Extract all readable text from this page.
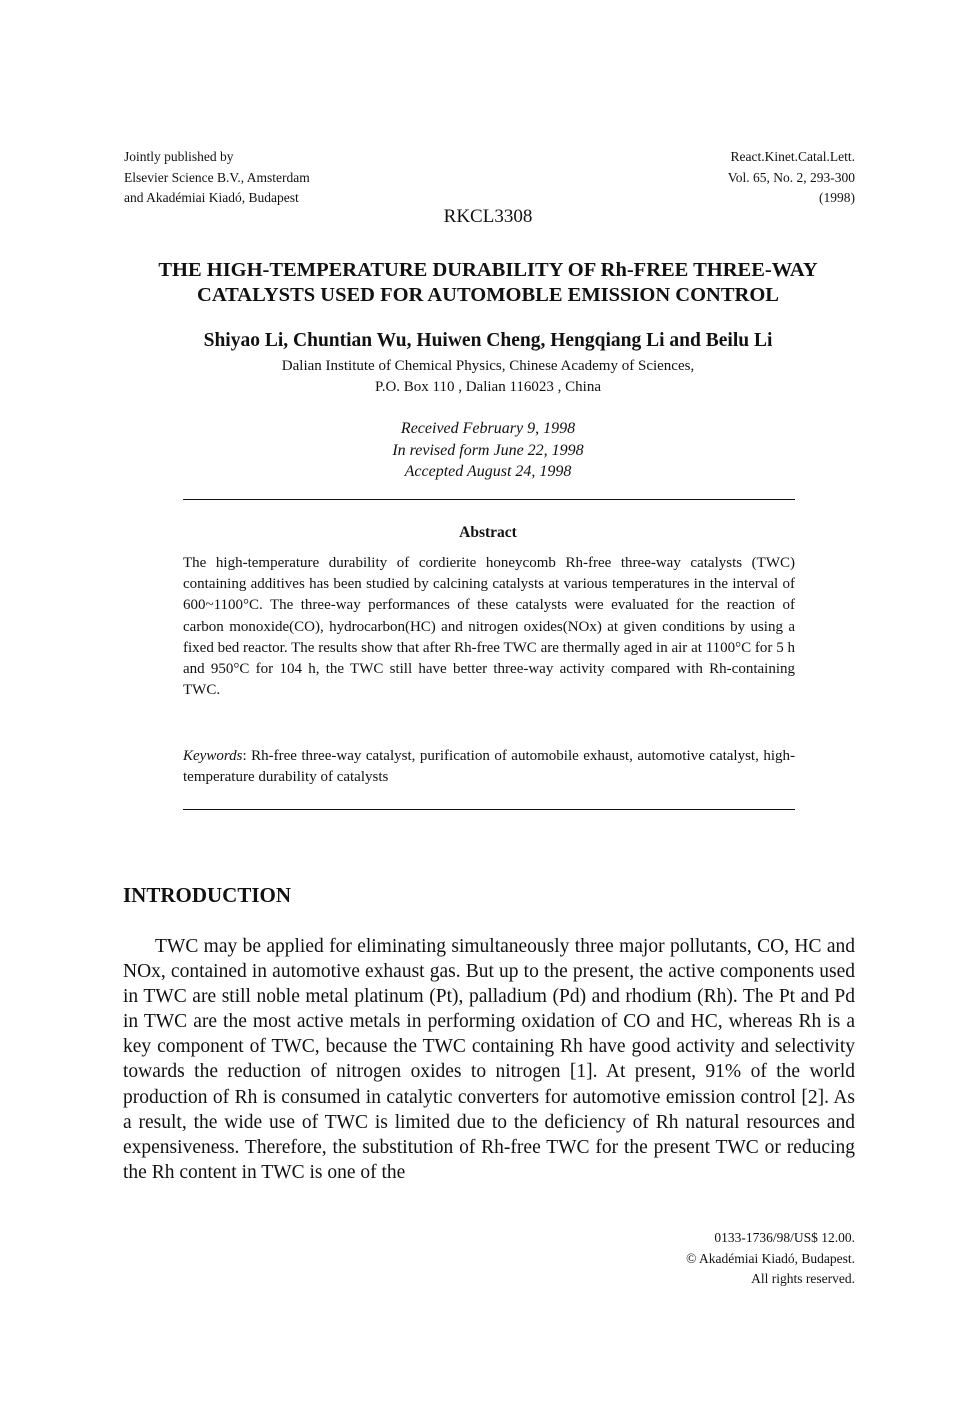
Jointly published by
Elsevier Science B.V., Amsterdam
and Akadémiai Kiadó, Budapest
React.Kinet.Catal.Lett.
Vol. 65, No. 2, 293-300
(1998)
RKCL3308
THE HIGH-TEMPERATURE DURABILITY OF Rh-FREE THREE-WAY CATALYSTS USED FOR AUTOMOBLE EMISSION CONTROL
Shiyao Li, Chuntian Wu, Huiwen Cheng, Hengqiang Li and Beilu Li
Dalian Institute of Chemical Physics, Chinese Academy of Sciences,
P.O. Box 110 , Dalian 116023 , China
Received February 9, 1998
In revised form June 22, 1998
Accepted August 24, 1998
Abstract
The high-temperature durability of cordierite honeycomb Rh-free three-way catalysts (TWC) containing additives has been studied by calcining catalysts at various temperatures in the interval of 600~1100°C. The three-way performances of these catalysts were evaluated for the reaction of carbon monoxide(CO), hydrocarbon(HC) and nitrogen oxides(NOx) at given conditions by using a fixed bed reactor. The results show that after Rh-free TWC are thermally aged in air at 1100°C for 5 h and 950°C for 104 h, the TWC still have better three-way activity compared with Rh-containing TWC.
Keywords: Rh-free three-way catalyst, purification of automobile exhaust, automotive catalyst, high-temperature durability of catalysts
INTRODUCTION
TWC may be applied for eliminating simultaneously three major pollutants, CO, HC and NOx, contained in automotive exhaust gas. But up to the present, the active components used in TWC are still noble metal platinum (Pt), palladium (Pd) and rhodium (Rh). The Pt and Pd in TWC are the most active metals in performing oxidation of CO and HC, whereas Rh is a key component of TWC, because the TWC containing Rh have good activity and selectivity towards the reduction of nitrogen oxides to nitrogen [1]. At present, 91% of the world production of Rh is consumed in catalytic converters for automotive emission control [2]. As a result, the wide use of TWC is limited due to the deficiency of Rh natural resources and expensiveness. Therefore, the substitution of Rh-free TWC for the present TWC or reducing the Rh content in TWC is one of the
0133-1736/98/US$ 12.00.
© Akadémiai Kiadó, Budapest.
All rights reserved.
